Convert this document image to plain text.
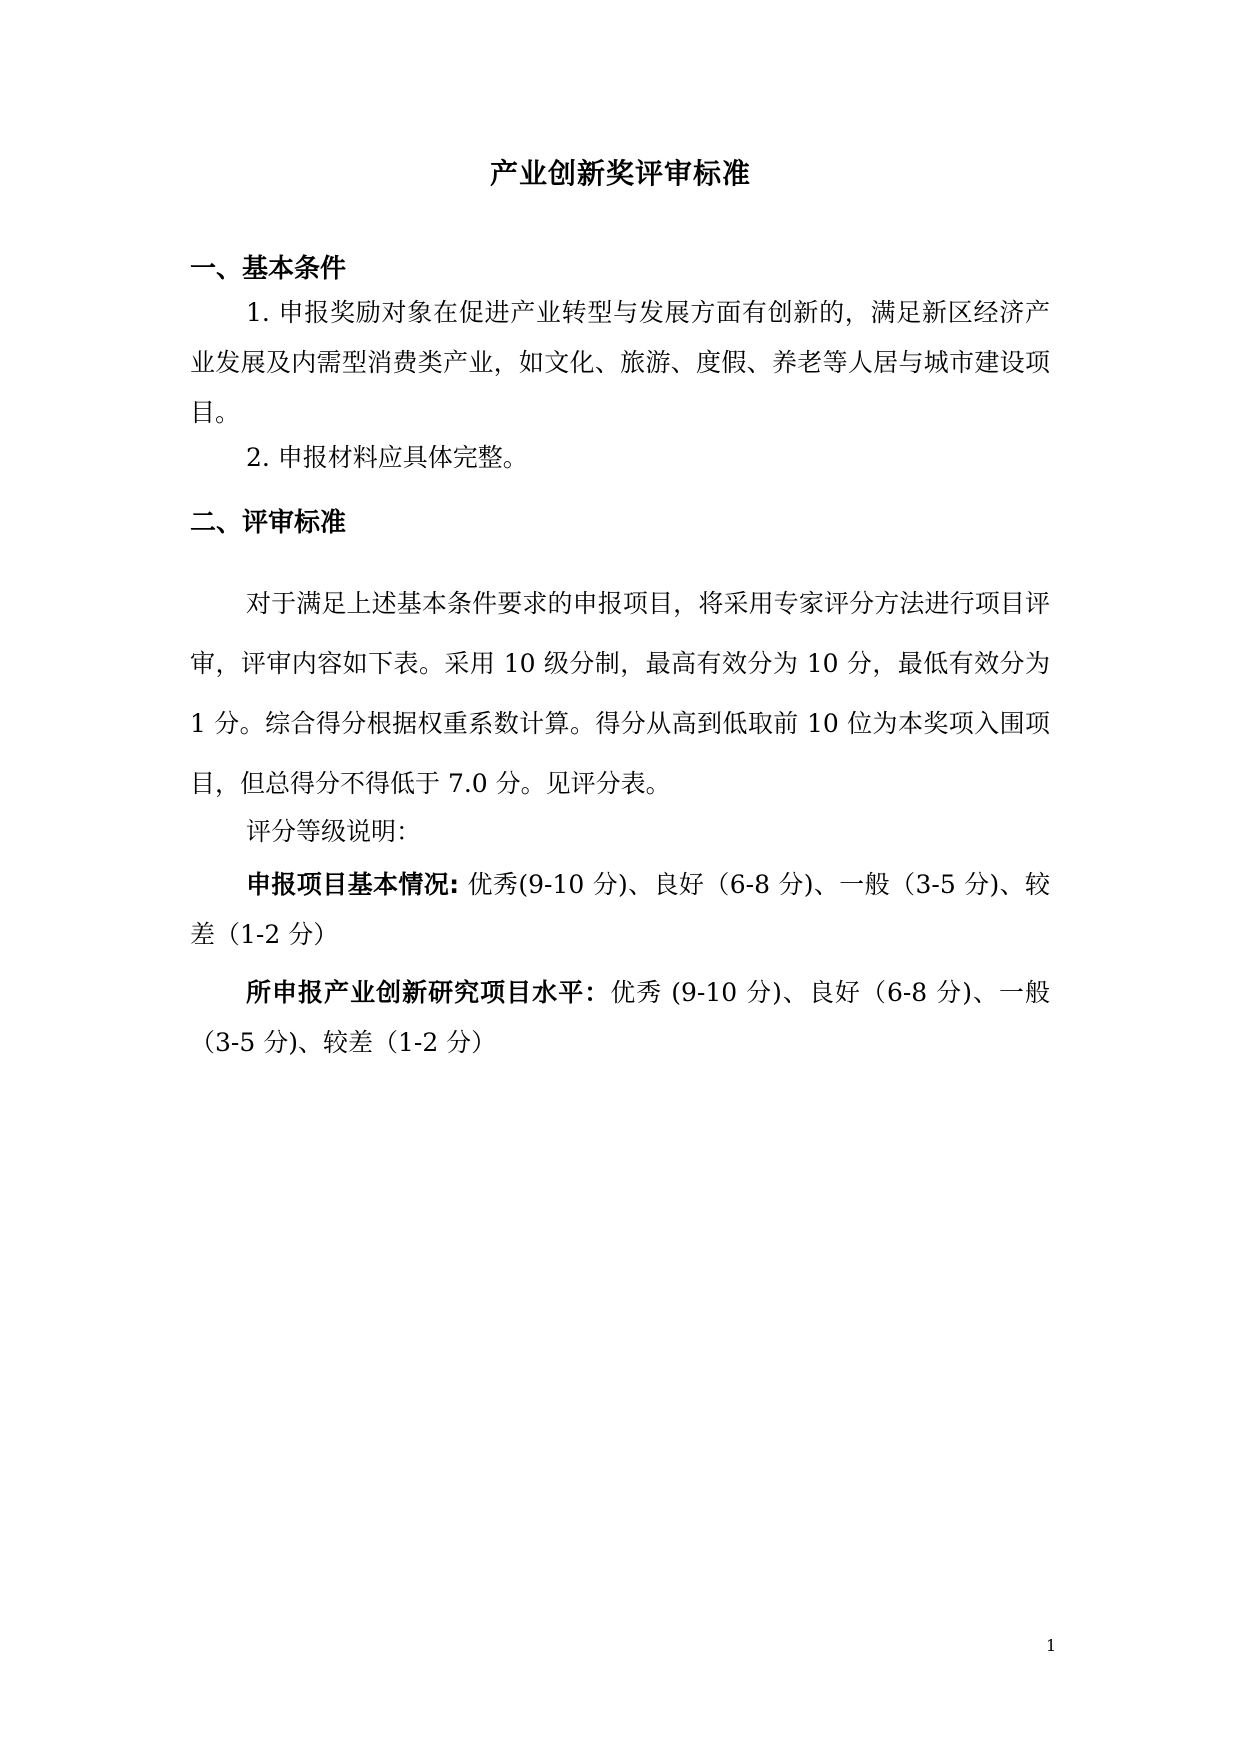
产业创新奖评审标准
一、基本条件

1. 申报奖励对象在促进产业转型与发展方面有创新的，满足新区经济产业发展及内需型消费类产业，如文化、旅游、度假、养老等人居与城市建设项目。

2. 申报材料应具体完整。

二、评审标准

对于满足上述基本条件要求的申报项目，将采用专家评分方法进行项目评审，评审内容如下表。采用 10 级分制，最高有效分为 10 分，最低有效分为 1 分。综合得分根据权重系数计算。得分从高到低取前 10 位为本奖项入围项目，但总得分不得低于 7.0 分。见评分表。

评分等级说明：

申报项目基本情况: 优秀(9-10 分)、良好（6-8 分)、一般（3-5 分)、较差（1-2 分）

所申报产业创新研究项目水平：优秀 (9-10 分)、良好（6-8 分)、一般（3-5 分)、较差（1-2 分）

1
